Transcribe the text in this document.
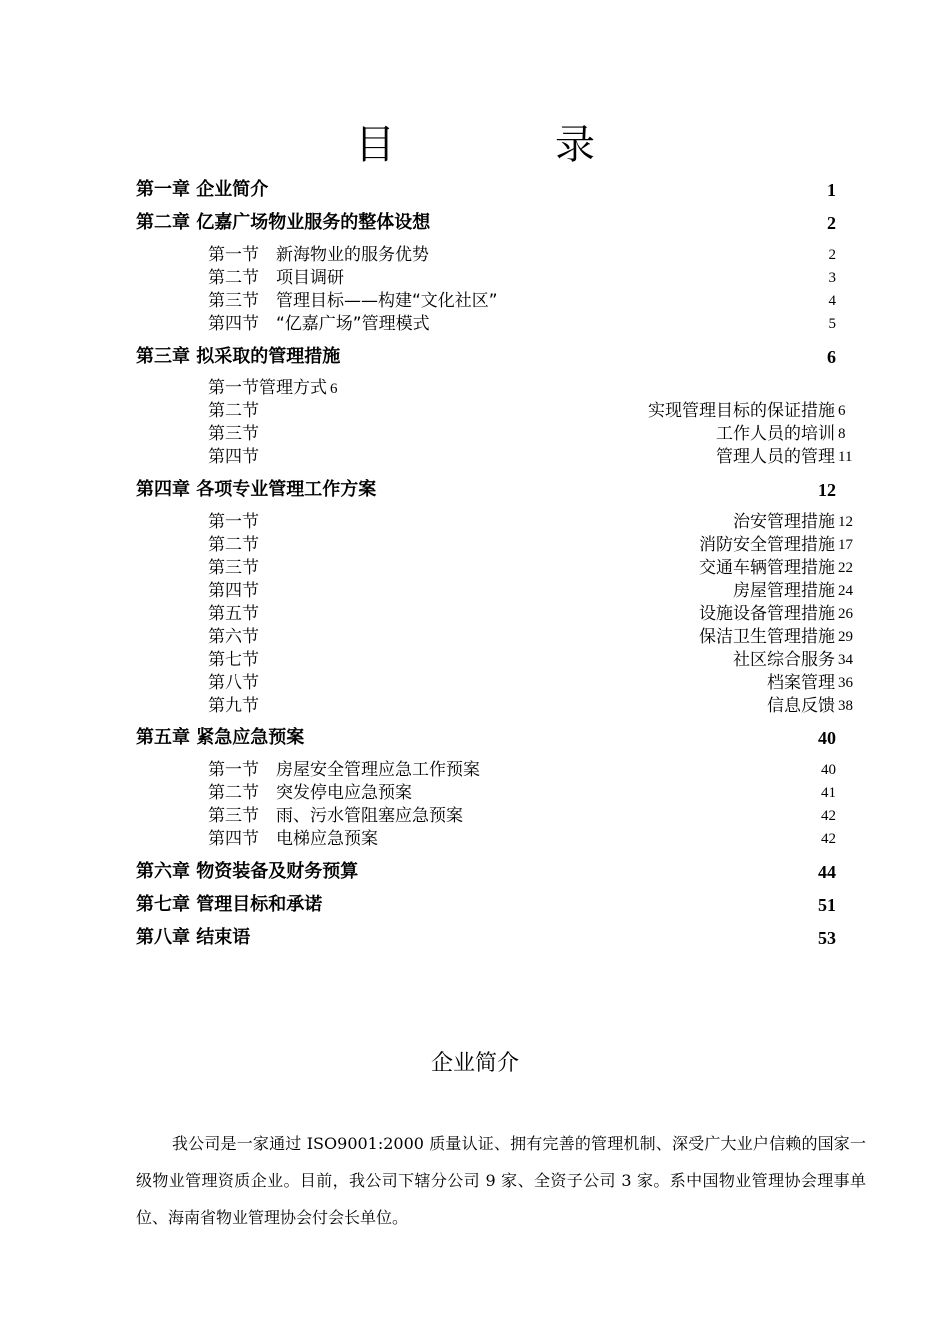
目　录
第一章 企业简介	1
第二章 亿嘉广场物业服务的整体设想	2
第一节　新海物业的服务优势	2
第二节　项目调研	3
第三节　管理目标——构建“文化社区”	4
第四节　“亿嘉广场”管理模式	5
第三章 拟采取的管理措施	6
第一节管理方式 6
第二节	实现管理目标的保证措施 6
第三节	工作人员的培训 8
第四节	管理人员的管理 11
第四章 各项专业管理工作方案	12
第一节	治安管理措施 12
第二节	消防安全管理措施 17
第三节	交通车辆管理措施 22
第四节	房屋管理措施 24
第五节	设施设备管理措施 26
第六节	保洁卫生管理措施 29
第七节	社区综合服务 34
第八节	档案管理 36
第九节	信息反馈 38
第五章 紧急应急预案	40
第一节　房屋安全管理应急工作预案	40
第二节　突发停电应急预案	41
第三节　雨、污水管阻塞应急预案	42
第四节　电梯应急预案	42
第六章 物资装备及财务预算	44
第七章 管理目标和承诺	51
第八章 结束语	53
企业简介
我公司是一家通过 ISO9001:2000 质量认证、拥有完善的管理机制、深受广大业户信赖的国家一级物业管理资质企业。目前，我公司下辖分公司 9 家、全资子公司 3 家。系中国物业管理协会理事单位、海南省物业管理协会付会长单位。
